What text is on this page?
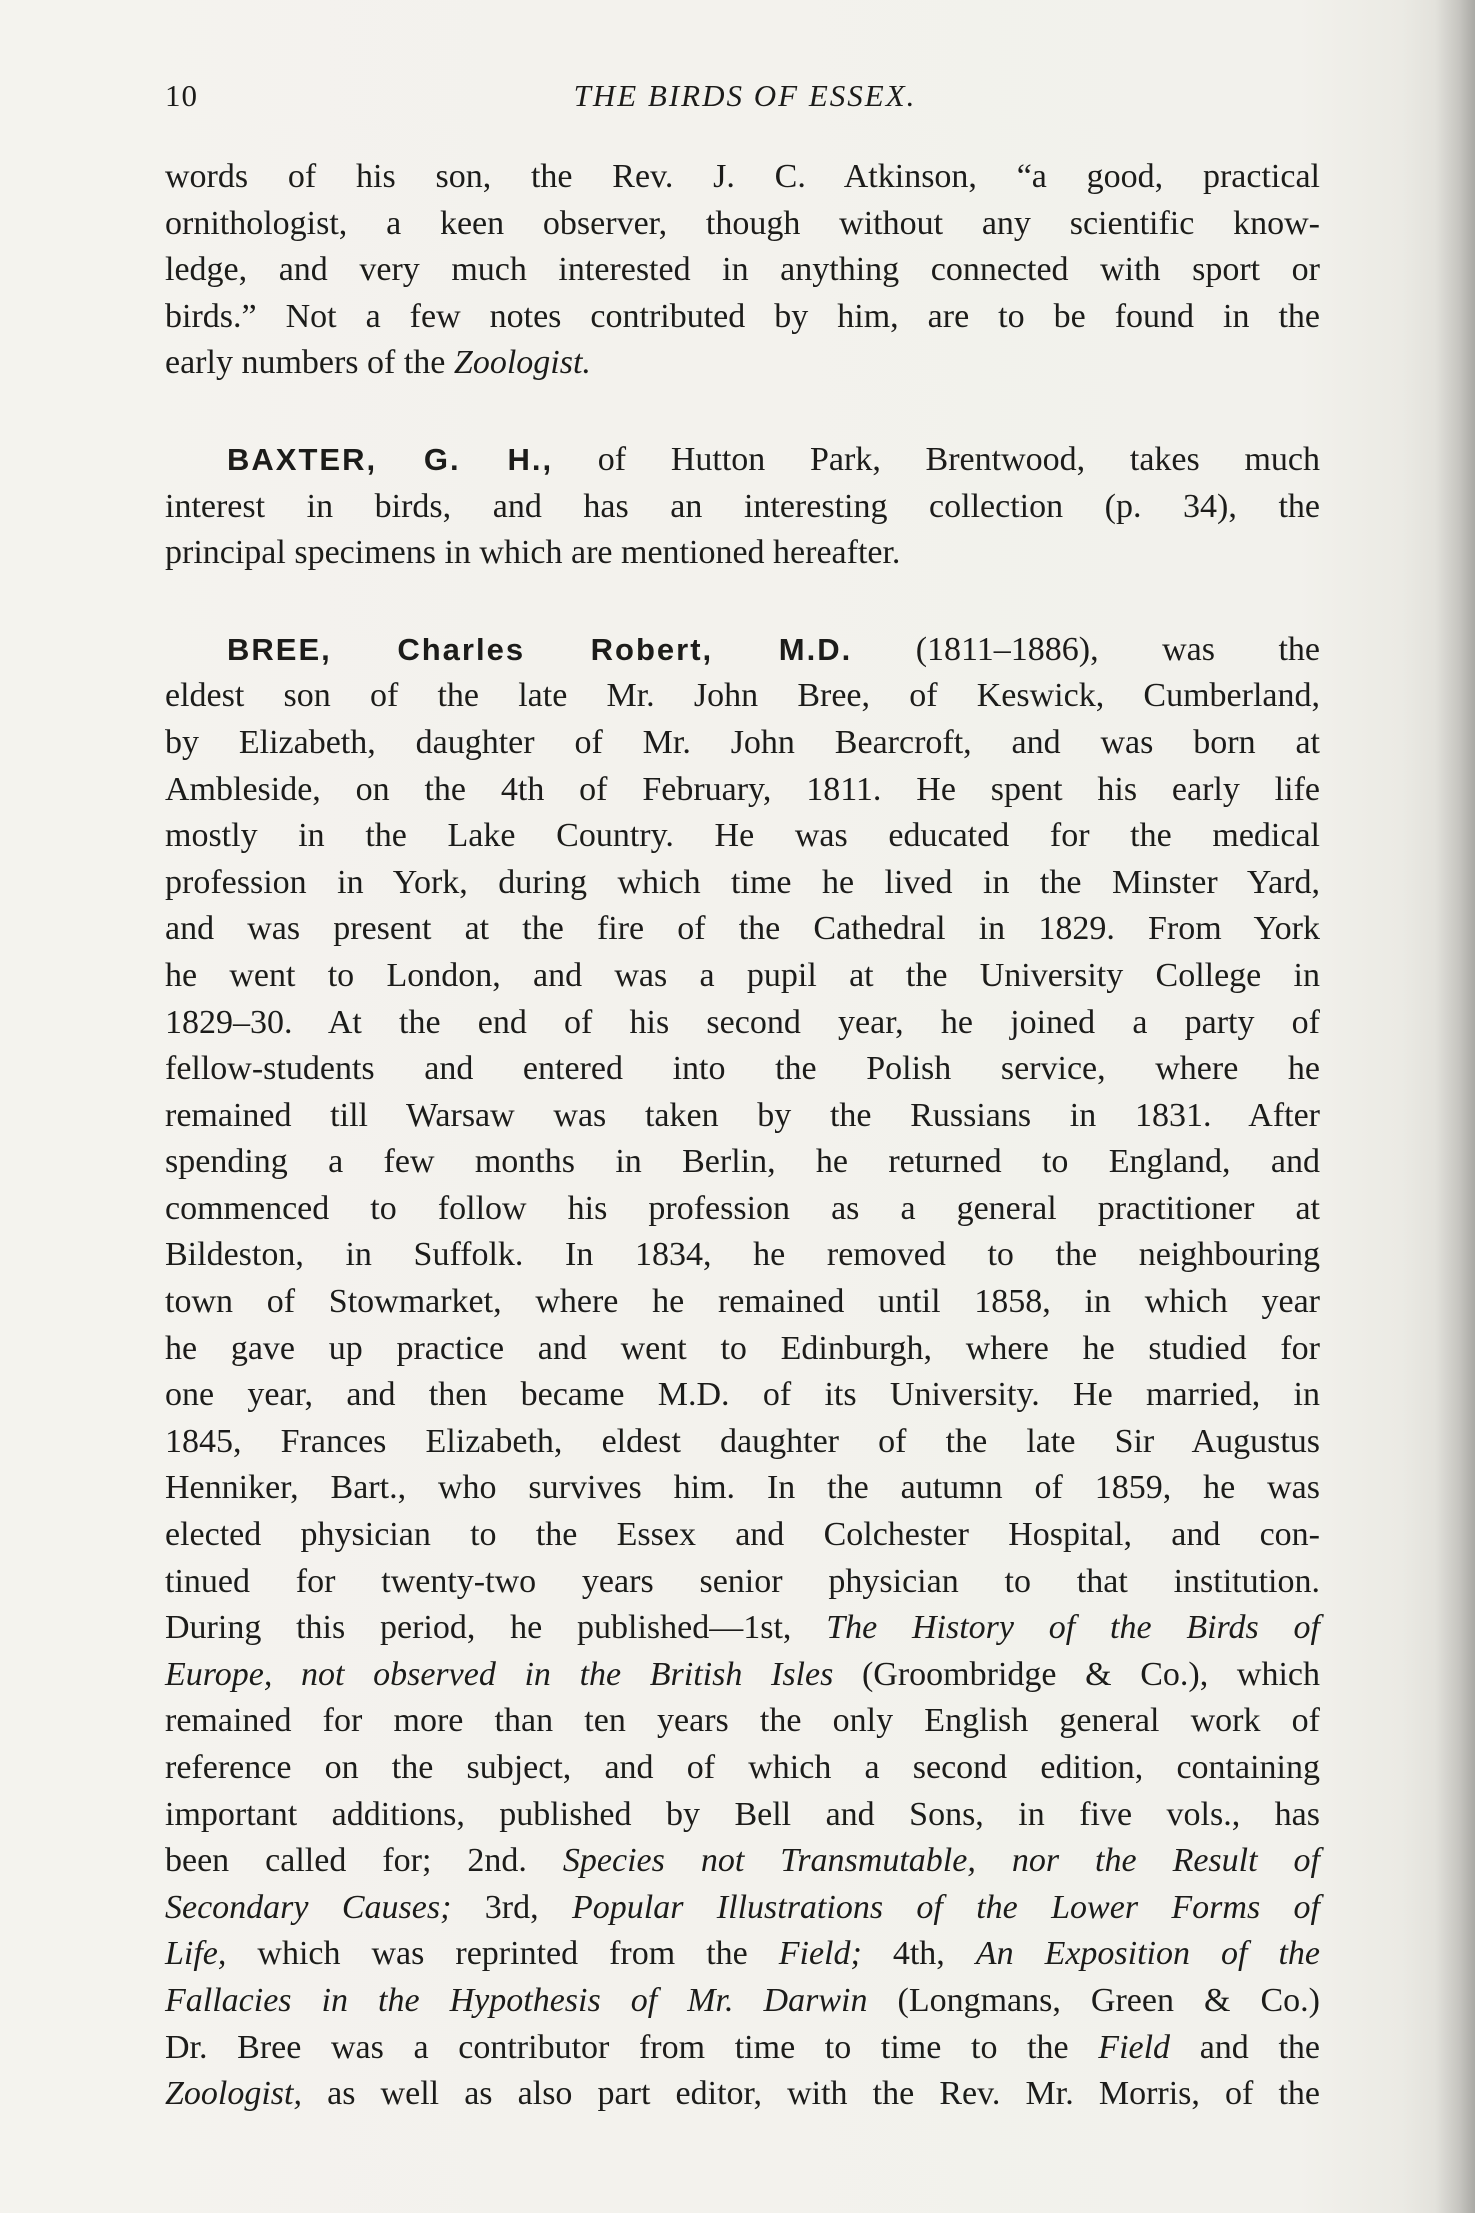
10	THE BIRDS OF ESSEX.
words of his son, the Rev. J. C. Atkinson, “a good, practical
ornithologist, a keen observer, though without any scientific know-
ledge, and very much interested in anything connected with sport or
birds.” Not a few notes contributed by him, are to be found in the
early numbers of the Zoologist.
BAXTER, G. H., of Hutton Park, Brentwood, takes much
interest in birds, and has an interesting collection (p. 34), the
principal specimens in which are mentioned hereafter.
BREE, Charles Robert, M.D. (1811–1886), was the
eldest son of the late Mr. John Bree, of Keswick, Cumberland,
by Elizabeth, daughter of Mr. John Bearcroft, and was born at
Ambleside, on the 4th of February, 1811. He spent his early life
mostly in the Lake Country. He was educated for the medical
profession in York, during which time he lived in the Minster Yard,
and was present at the fire of the Cathedral in 1829. From York
he went to London, and was a pupil at the University College in
1829–30. At the end of his second year, he joined a party of
fellow-students and entered into the Polish service, where he
remained till Warsaw was taken by the Russians in 1831. After
spending a few months in Berlin, he returned to England, and
commenced to follow his profession as a general practitioner at
Bildeston, in Suffolk. In 1834, he removed to the neighbouring
town of Stowmarket, where he remained until 1858, in which year
he gave up practice and went to Edinburgh, where he studied for
one year, and then became M.D. of its University. He married, in
1845, Frances Elizabeth, eldest daughter of the late Sir Augustus
Henniker, Bart., who survives him. In the autumn of 1859, he was
elected physician to the Essex and Colchester Hospital, and con-
tinued for twenty-two years senior physician to that institution.
During this period, he published—1st, The History of the Birds of
Europe, not observed in the British Isles (Groombridge & Co.), which
remained for more than ten years the only English general work of
reference on the subject, and of which a second edition, containing
important additions, published by Bell and Sons, in five vols., has
been called for; 2nd. Species not Transmutable, nor the Result of
Secondary Causes; 3rd, Popular Illustrations of the Lower Forms of
Life, which was reprinted from the Field; 4th, An Exposition of the
Fallacies in the Hypothesis of Mr. Darwin (Longmans, Green & Co.)
Dr. Bree was a contributor from time to time to the Field and the
Zoologist, as well as also part editor, with the Rev. Mr. Morris, of the
